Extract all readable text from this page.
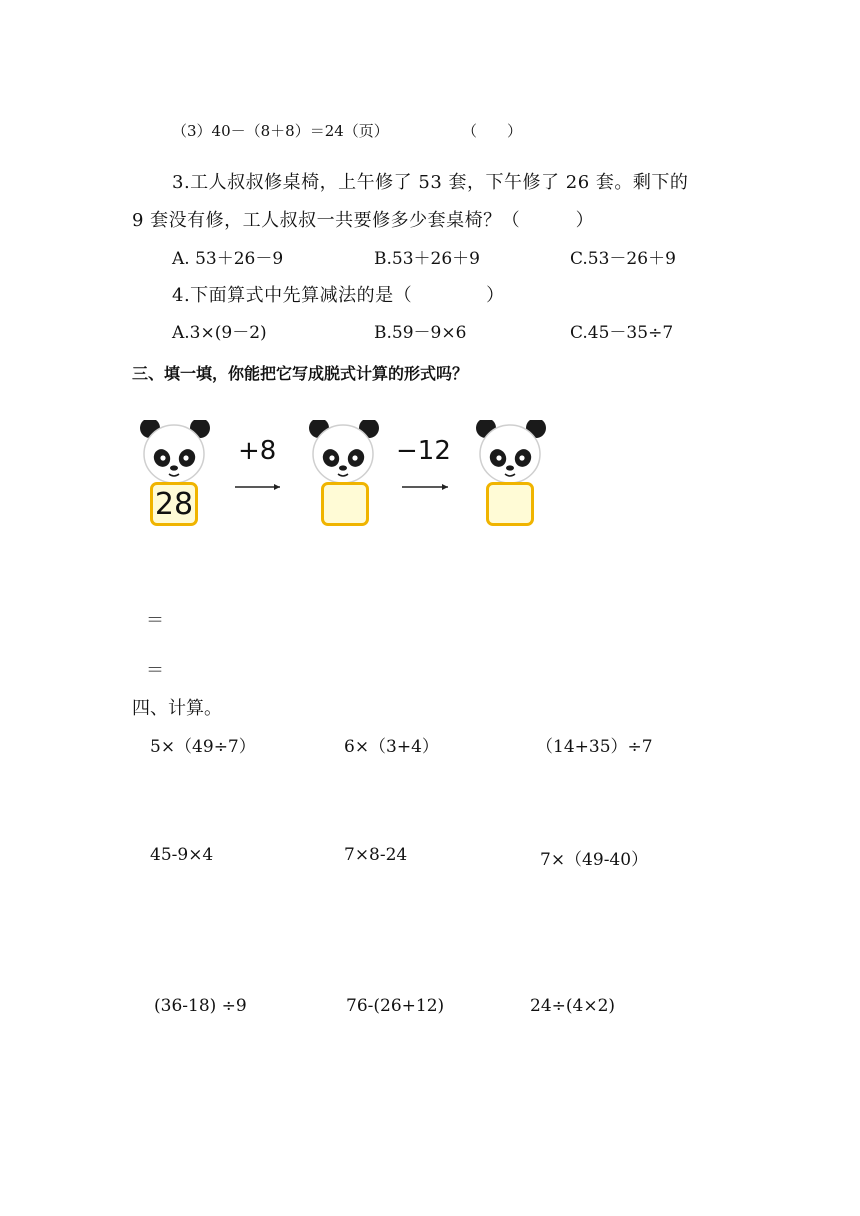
（3）40－（8＋8）＝24（页）	（　　）
3.工人叔叔修桌椅，上午修了 53 套，下午修了 26 套。剩下的
9 套没有修，工人叔叔一共要修多少套桌椅？（　　　）
A. 53＋26－9	B.53＋26＋9	C.53－26＋9
4.下面算式中先算减法的是（　　　　）
A.3×(9－2)	B.59－9×6	C.45－35÷7
三、填一填，你能把它写成脱式计算的形式吗？
+8	−12
28
＝
＝
四、计算。
5×（49÷7）	6×（3+4）	（14+35）÷7
45-9×4	7×8-24	7×（49-40）
(36-18) ÷9	76-(26+12)	24÷(4×2)
